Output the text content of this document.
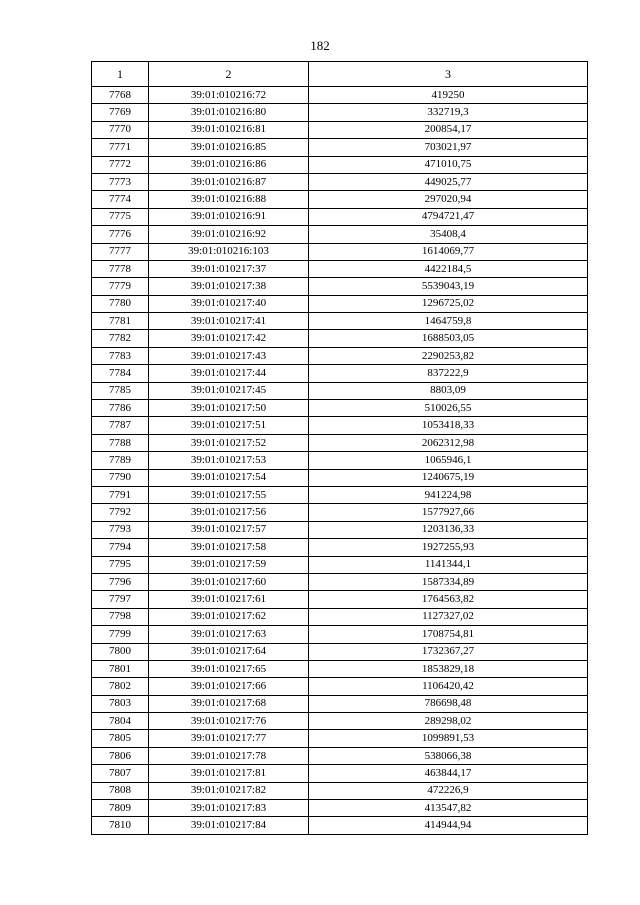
182
1	2	3
7768	39:01:010216:72	419250
7769	39:01:010216:80	332719,3
7770	39:01:010216:81	200854,17
7771	39:01:010216:85	703021,97
7772	39:01:010216:86	471010,75
7773	39:01:010216:87	449025,77
7774	39:01:010216:88	297020,94
7775	39:01:010216:91	4794721,47
7776	39:01:010216:92	35408,4
7777	39:01:010216:103	1614069,77
7778	39:01:010217:37	4422184,5
7779	39:01:010217:38	5539043,19
7780	39:01:010217:40	1296725,02
7781	39:01:010217:41	1464759,8
7782	39:01:010217:42	1688503,05
7783	39:01:010217:43	2290253,82
7784	39:01:010217:44	837222,9
7785	39:01:010217:45	8803,09
7786	39:01:010217:50	510026,55
7787	39:01:010217:51	1053418,33
7788	39:01:010217:52	2062312,98
7789	39:01:010217:53	1065946,1
7790	39:01:010217:54	1240675,19
7791	39:01:010217:55	941224,98
7792	39:01:010217:56	1577927,66
7793	39:01:010217:57	1203136,33
7794	39:01:010217:58	1927255,93
7795	39:01:010217:59	1141344,1
7796	39:01:010217:60	1587334,89
7797	39:01:010217:61	1764563,82
7798	39:01:010217:62	1127327,02
7799	39:01:010217:63	1708754,81
7800	39:01:010217:64	1732367,27
7801	39:01:010217:65	1853829,18
7802	39:01:010217:66	1106420,42
7803	39:01:010217:68	786698,48
7804	39:01:010217:76	289298,02
7805	39:01:010217:77	1099891,53
7806	39:01:010217:78	538066,38
7807	39:01:010217:81	463844,17
7808	39:01:010217:82	472226,9
7809	39:01:010217:83	413547,82
7810	39:01:010217:84	414944,94
